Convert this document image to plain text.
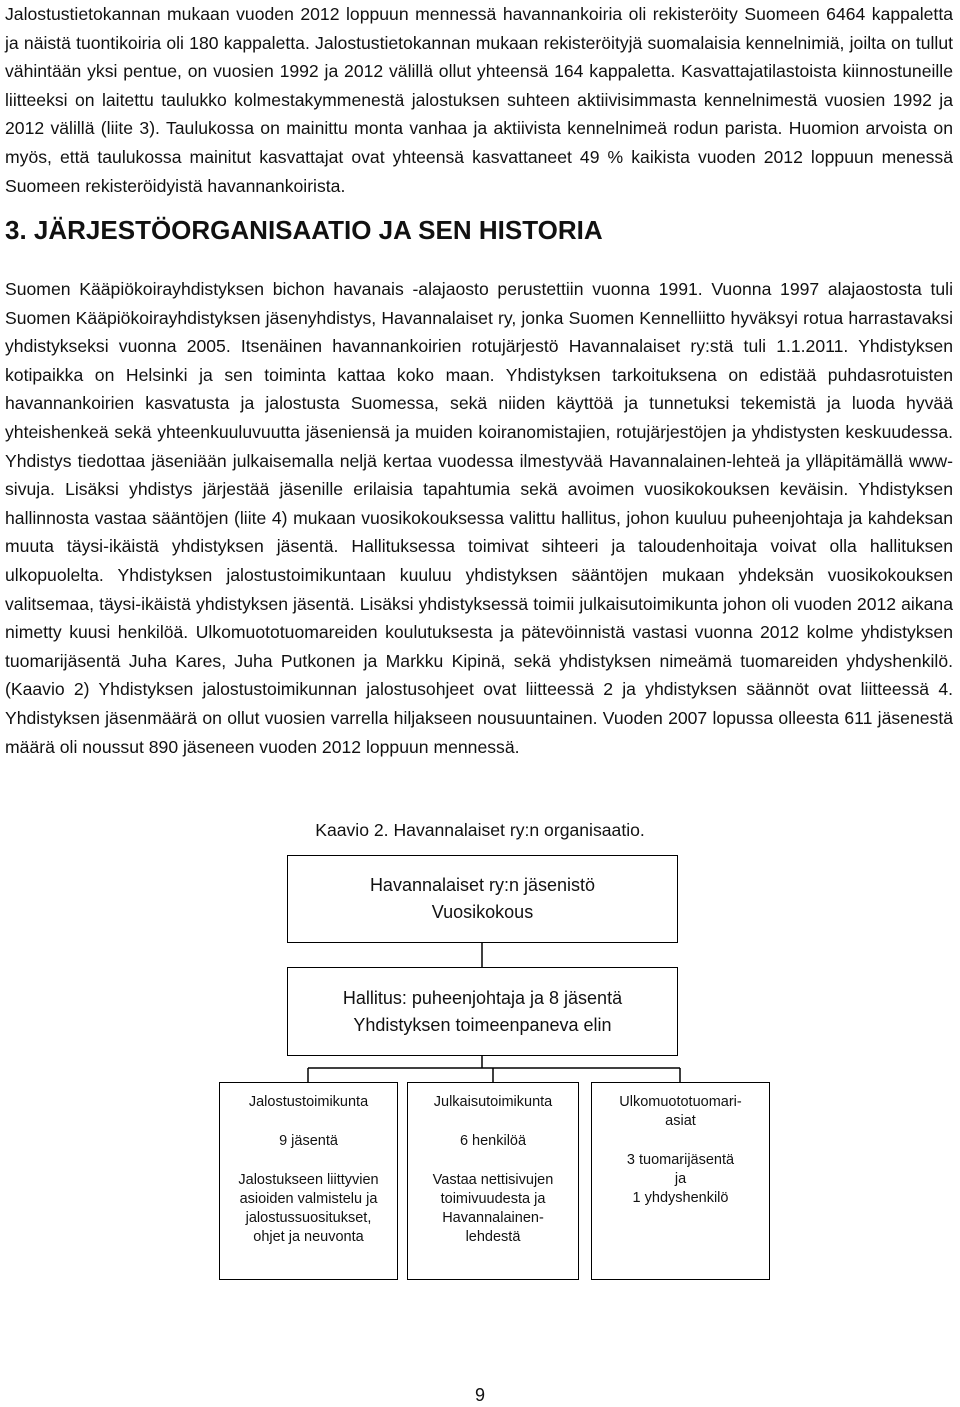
Jalostustietokannan mukaan vuoden 2012 loppuun mennessä havannankoiria oli rekisteröity Suomeen 6464 kappaletta ja näistä tuontikoiria oli 180 kappaletta. Jalostustietokannan mukaan rekisteröityjä suomalaisia kennelnimiä, joilta on tullut vähintään yksi pentue, on vuosien 1992 ja 2012 välillä ollut yhteensä 164 kappaletta. Kasvattajatilastoista kiinnostuneille liitteeksi on laitettu taulukko kolmestakymmenestä jalostuksen suhteen aktiivisimmasta kennelnimestä vuosien 1992 ja 2012 välillä (liite 3). Taulukossa on mainittu monta vanhaa ja aktiivista kennelnimeä rodun parista. Huomion arvoista on myös, että taulukossa mainitut kasvattajat ovat yhteensä kasvattaneet 49 % kaikista vuoden 2012 loppuun menessä Suomeen rekisteröidyistä havannankoirista.

3. JÄRJESTÖORGANISAATIO JA SEN HISTORIA

Suomen Kääpiökoirayhdistyksen bichon havanais -alajaosto perustettiin vuonna 1991. Vuonna 1997 alajaostosta tuli Suomen Kääpiökoirayhdistyksen jäsenyhdistys, Havannalaiset ry, jonka Suomen Kennelliitto hyväksyi rotua harrastavaksi yhdistykseksi vuonna 2005. Itsenäinen havannankoirien rotujärjestö Havannalaiset ry:stä tuli 1.1.2011. Yhdistyksen kotipaikka on Helsinki ja sen toiminta kattaa koko maan. Yhdistyksen tarkoituksena on edistää puhdasrotuisten havannankoirien kasvatusta ja jalostusta Suomessa, sekä niiden käyttöä ja tunnetuksi tekemistä ja luoda hyvää yhteishenkeä sekä yhteenkuuluvuutta jäseniensä ja muiden koiranomistajien, rotujärjestöjen ja yhdistysten keskuudessa. Yhdistys tiedottaa jäseniään julkaisemalla neljä kertaa vuodessa ilmestyvää Havannalainen-lehteä ja ylläpitämällä www-sivuja. Lisäksi yhdistys järjestää jäsenille erilaisia tapahtumia sekä avoimen vuosikokouksen keväisin. Yhdistyksen hallinnosta vastaa sääntöjen (liite 4) mukaan vuosikokouksessa valittu hallitus, johon kuuluu puheenjohtaja ja kahdeksan muuta täysi-ikäistä yhdistyksen jäsentä. Hallituksessa toimivat sihteeri ja taloudenhoitaja voivat olla hallituksen ulkopuolelta. Yhdistyksen jalostustoimikuntaan kuuluu yhdistyksen sääntöjen mukaan yhdeksän vuosikokouksen valitsemaa, täysi-ikäistä yhdistyksen jäsentä. Lisäksi yhdistyksessä toimii julkaisutoimikunta johon oli vuoden 2012 aikana nimetty kuusi henkilöä. Ulkomuototuomareiden koulutuksesta ja pätevöinnistä vastasi vuonna 2012 kolme yhdistyksen tuomarijäsentä Juha Kares, Juha Putkonen ja Markku Kipinä, sekä yhdistyksen nimeämä tuomareiden yhdyshenkilö. (Kaavio 2) Yhdistyksen jalostustoimikunnan jalostusohjeet ovat liitteessä 2 ja yhdistyksen säännöt ovat liitteessä 4. Yhdistyksen jäsenmäärä on ollut vuosien varrella hiljakseen nousuuntainen. Vuoden 2007 lopussa olleesta 611 jäsenestä määrä oli noussut 890 jäseneen vuoden 2012 loppuun mennessä.

Kaavio 2. Havannalaiset ry:n organisaatio.
Havannalaiset ry:n jäsenistö
Vuosikokous
Hallitus: puheenjohtaja ja 8 jäsentä
Yhdistyksen toimeenpaneva elin
Jalostustoimikunta
9 jäsentä
Jalostukseen liittyvien
asioiden valmistelu ja
jalostussuositukset,
ohjet ja neuvonta
Julkaisutoimikunta
6 henkilöä
Vastaa nettisivujen
toimivuudesta ja
Havannalainen-
lehdestä
Ulkomuototuomari-
asiat
3 tuomarijäsentä
ja
1 yhdyshenkilö
9
